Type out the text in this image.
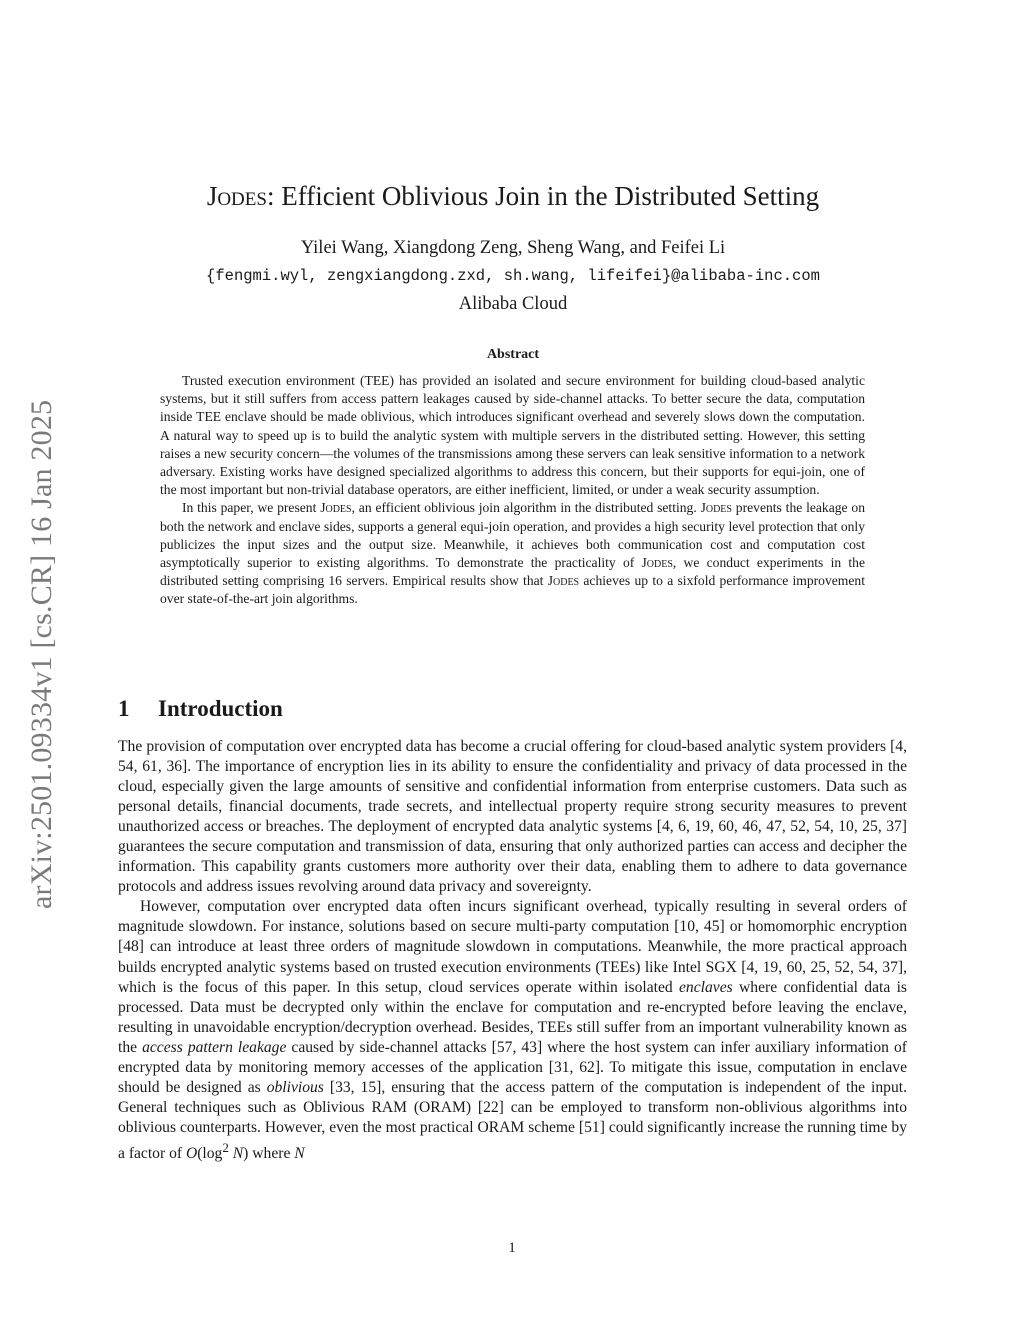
arXiv:2501.09334v1 [cs.CR] 16 Jan 2025
Jodes: Efficient Oblivious Join in the Distributed Setting
Yilei Wang, Xiangdong Zeng, Sheng Wang, and Feifei Li
{fengmi.wyl, zengxiangdong.zxd, sh.wang, lifeifei}@alibaba-inc.com
Alibaba Cloud
Abstract

Trusted execution environment (TEE) has provided an isolated and secure environment for building cloud-based analytic systems, but it still suffers from access pattern leakages caused by side-channel attacks. To better secure the data, computation inside TEE enclave should be made oblivious, which introduces significant overhead and severely slows down the computation. A natural way to speed up is to build the analytic system with multiple servers in the distributed setting. However, this setting raises a new security concern—the volumes of the transmissions among these servers can leak sensitive information to a network adversary. Existing works have designed specialized algorithms to address this concern, but their supports for equi-join, one of the most important but non-trivial database operators, are either inefficient, limited, or under a weak security assumption.

In this paper, we present Jodes, an efficient oblivious join algorithm in the distributed setting. Jodes prevents the leakage on both the network and enclave sides, supports a general equi-join operation, and provides a high security level protection that only publicizes the input sizes and the output size. Meanwhile, it achieves both communication cost and computation cost asymptotically superior to existing algorithms. To demonstrate the practicality of Jodes, we conduct experiments in the distributed setting comprising 16 servers. Empirical results show that Jodes achieves up to a sixfold performance improvement over state-of-the-art join algorithms.

1 Introduction

The provision of computation over encrypted data has become a crucial offering for cloud-based analytic system providers [4, 54, 61, 36]. The importance of encryption lies in its ability to ensure the confidentiality and privacy of data processed in the cloud, especially given the large amounts of sensitive and confidential information from enterprise customers. Data such as personal details, financial documents, trade secrets, and intellectual property require strong security measures to prevent unauthorized access or breaches. The deployment of encrypted data analytic systems [4, 6, 19, 60, 46, 47, 52, 54, 10, 25, 37] guarantees the secure computation and transmission of data, ensuring that only authorized parties can access and decipher the information. This capability grants customers more authority over their data, enabling them to adhere to data governance protocols and address issues revolving around data privacy and sovereignty.

However, computation over encrypted data often incurs significant overhead, typically resulting in several orders of magnitude slowdown. For instance, solutions based on secure multi-party computation [10, 45] or homomorphic encryption [48] can introduce at least three orders of magnitude slowdown in computations. Meanwhile, the more practical approach builds encrypted analytic systems based on trusted execution environments (TEEs) like Intel SGX [4, 19, 60, 25, 52, 54, 37], which is the focus of this paper. In this setup, cloud services operate within isolated enclaves where confidential data is processed. Data must be decrypted only within the enclave for computation and re-encrypted before leaving the enclave, resulting in unavoidable encryption/decryption overhead. Besides, TEEs still suffer from an important vulnerability known as the access pattern leakage caused by side-channel attacks [57, 43] where the host system can infer auxiliary information of encrypted data by monitoring memory accesses of the application [31, 62]. To mitigate this issue, computation in enclave should be designed as oblivious [33, 15], ensuring that the access pattern of the computation is independent of the input. General techniques such as Oblivious RAM (ORAM) [22] can be employed to transform non-oblivious algorithms into oblivious counterparts. However, even the most practical ORAM scheme [51] could significantly increase the running time by a factor of $O(\log^2$ N) where N

1
